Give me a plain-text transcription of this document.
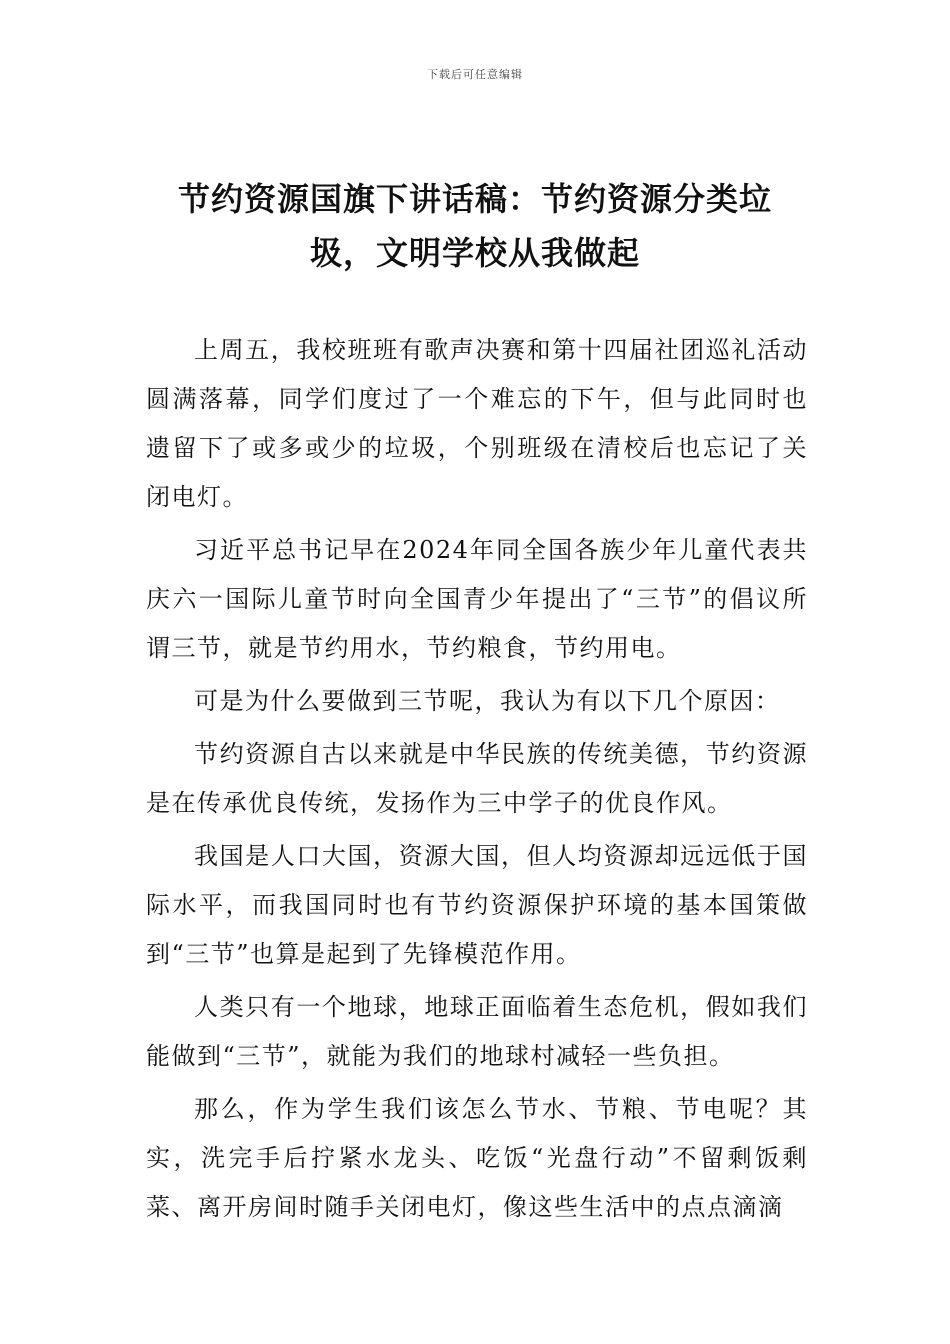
下载后可任意编辑
节约资源国旗下讲话稿：节约资源分类垃
圾，文明学校从我做起

上周五，我校班班有歌声决赛和第十四届社团巡礼活动圆满落幕，同学们度过了一个难忘的下午，但与此同时也遗留下了或多或少的垃圾，个别班级在清校后也忘记了关闭电灯。

习近平总书记早在2024年同全国各族少年儿童代表共庆六一国际儿童节时向全国青少年提出了“三节”的倡议所谓三节，就是节约用水，节约粮食，节约用电。

可是为什么要做到三节呢，我认为有以下几个原因：

节约资源自古以来就是中华民族的传统美德，节约资源是在传承优良传统，发扬作为三中学子的优良作风。

我国是人口大国，资源大国，但人均资源却远远低于国际水平，而我国同时也有节约资源保护环境的基本国策做到“三节”也算是起到了先锋模范作用。

人类只有一个地球，地球正面临着生态危机，假如我们能做到“三节”，就能为我们的地球村减轻一些负担。

那么，作为学生我们该怎么节水、节粮、节电呢？其实，洗完手后拧紧水龙头、吃饭“光盘行动”不留剩饭剩菜、离开房间时随手关闭电灯，像这些生活中的点点滴滴
